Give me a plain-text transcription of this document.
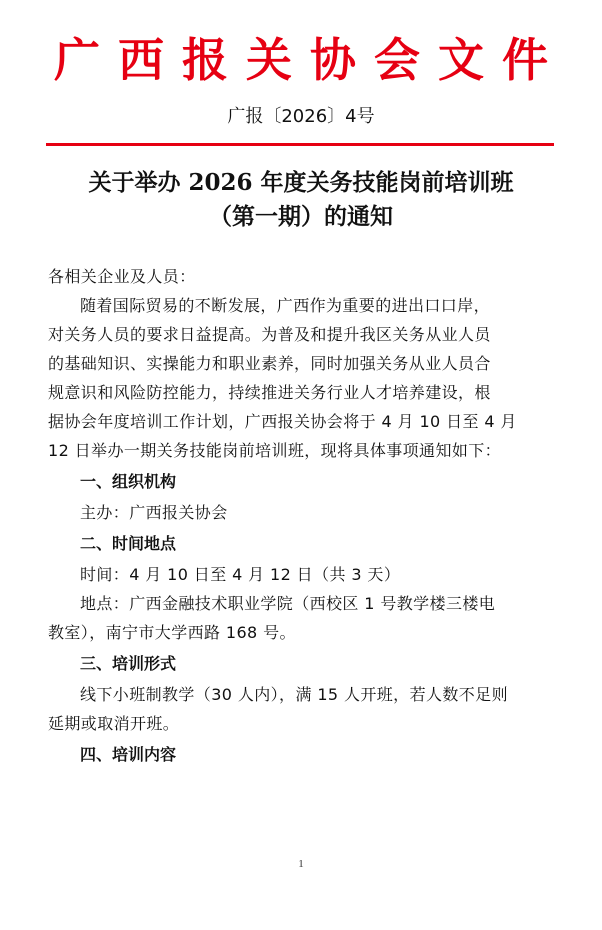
广西报关协会文件
广报〔2026〕4号
关于举办 2026 年度关务技能岗前培训班
（第一期）的通知
各相关企业及人员：
随着国际贸易的不断发展，广西作为重要的进出口口岸，
对关务人员的要求日益提高。为普及和提升我区关务从业人员
的基础知识、实操能力和职业素养，同时加强关务从业人员合
规意识和风险防控能力，持续推进关务行业人才培养建设，根
据协会年度培训工作计划，广西报关协会将于 4 月 10 日至 4 月
12 日举办一期关务技能岗前培训班，现将具体事项通知如下：
一、组织机构
主办：广西报关协会
二、时间地点
时间：4 月 10 日至 4 月 12 日（共 3 天）
地点：广西金融技术职业学院（西校区 1 号教学楼三楼电
教室），南宁市大学西路 168 号。
三、培训形式
线下小班制教学（30 人内），满 15 人开班，若人数不足则
延期或取消开班。
四、培训内容
1
